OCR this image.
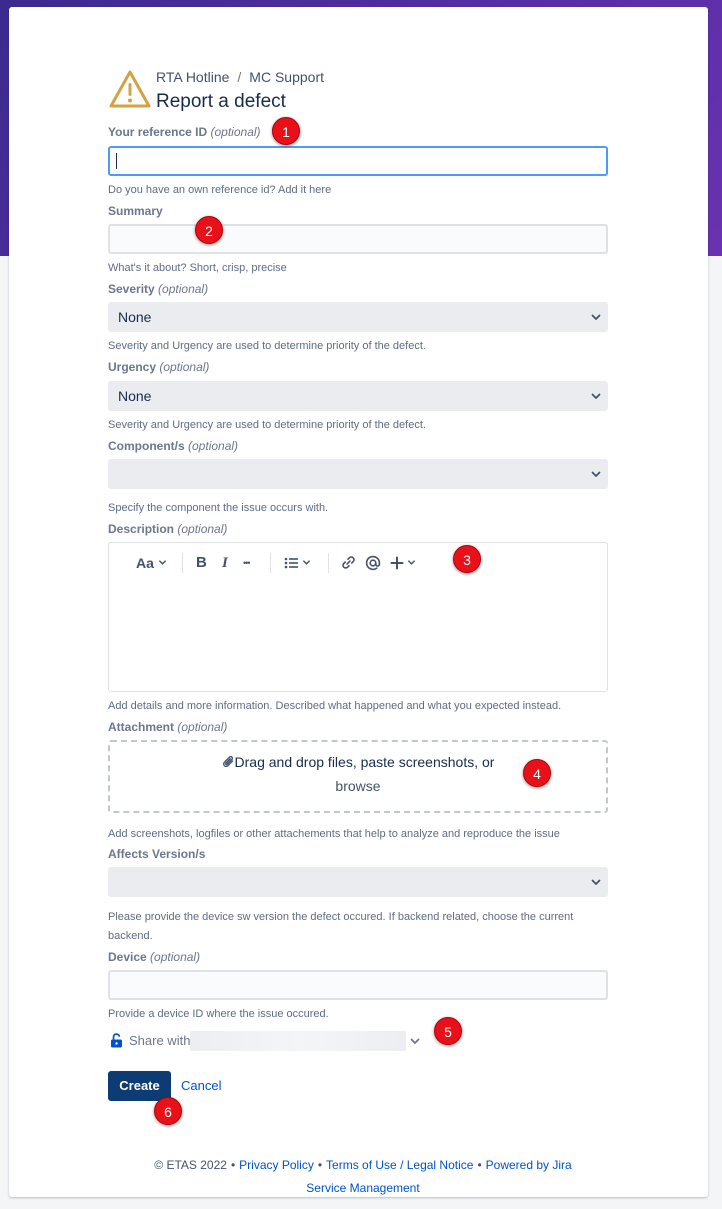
RTA Hotline / MC Support
Report a defect
Your reference ID (optional)
Do you have an own reference id? Add it here
Summary
What's it about? Short, crisp, precise
Severity (optional)
None
Severity and Urgency are used to determine priority of the defect.
Urgency (optional)
None
Severity and Urgency are used to determine priority of the defect.
Component/s (optional)
Specify the component the issue occurs with.
Description (optional)
Aa	B I •••
Add details and more information. Described what happened and what you expected instead.
Attachment (optional)
Drag and drop files, paste screenshots, or
browse
Add screenshots, logfiles or other attachements that help to analyze and reproduce the issue
Affects Version/s
Please provide the device sw version the defect occured. If backend related, choose the current backend.
Device (optional)
Provide a device ID where the issue occured.
Share with
Create	Cancel
© ETAS 2022 • Privacy Policy • Terms of Use / Legal Notice • Powered by Jira Service Management
1
2
3
4
5
6
